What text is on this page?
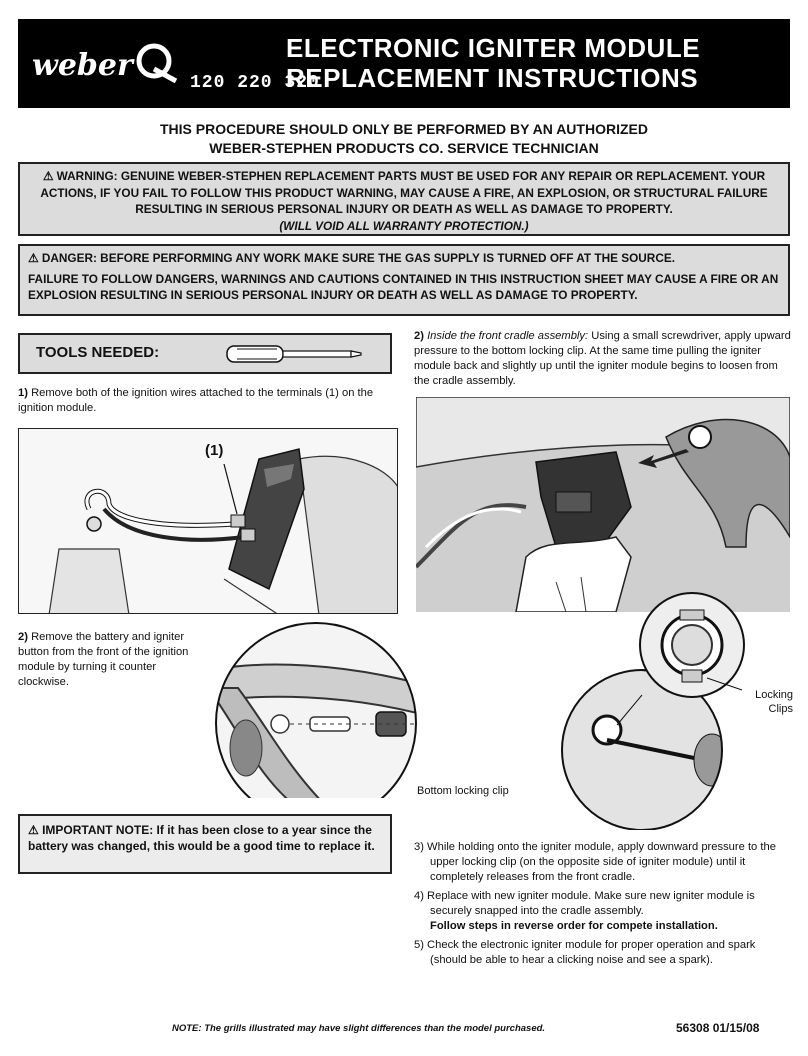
weber	120 220 320
ELECTRONIC IGNITER MODULE
REPLACEMENT INSTRUCTIONS
THIS PROCEDURE SHOULD ONLY BE PERFORMED BY AN AUTHORIZED
WEBER-STEPHEN PRODUCTS CO. SERVICE TECHNICIAN
⚠ WARNING: GENUINE WEBER-STEPHEN REPLACEMENT PARTS MUST BE USED FOR ANY REPAIR OR REPLACEMENT. YOUR ACTIONS, IF YOU FAIL TO FOLLOW THIS PRODUCT WARNING, MAY CAUSE A FIRE, AN EXPLOSION, OR STRUCTURAL FAILURE RESULTING IN SERIOUS PERSONAL INJURY OR DEATH AS WELL AS DAMAGE TO PROPERTY.
(WILL VOID ALL WARRANTY PROTECTION.)

⚠ DANGER: BEFORE PERFORMING ANY WORK MAKE SURE THE GAS SUPPLY IS TURNED OFF AT THE SOURCE.

FAILURE TO FOLLOW DANGERS, WARNINGS AND CAUTIONS CONTAINED IN THIS INSTRUCTION SHEET MAY CAUSE A FIRE OR AN EXPLOSION RESULTING IN SERIOUS PERSONAL INJURY OR DEATH AS WELL AS DAMAGE TO PROPERTY.

TOOLS NEEDED:
1) Remove both of the ignition wires attached to the terminals (1) on the ignition module.
(1)
2) Remove the battery and igniter button from the front of the ignition module by turning it counter clockwise.
⚠ IMPORTANT NOTE: If it has been close to a year since the battery was changed, this would be a good time to replace it.
2) Inside the front cradle assembly: Using a small screwdriver, apply upward pressure to the bottom locking clip. At the same time pulling the igniter module back and slightly up until the igniter module begins to loosen from the cradle assembly.
Locking Clips
Bottom locking clip
3) While holding onto the igniter module, apply downward pressure to the upper locking clip (on the opposite side of igniter module) until it completely releases from the front cradle.
4) Replace with new igniter module. Make sure new igniter module is securely snapped into the cradle assembly.
Follow steps in reverse order for compete installation.
5) Check the electronic igniter module for proper operation and spark (should be able to hear a clicking noise and see a spark).
NOTE: The grills illustrated may have slight differences than the model purchased.	56308 01/15/08
